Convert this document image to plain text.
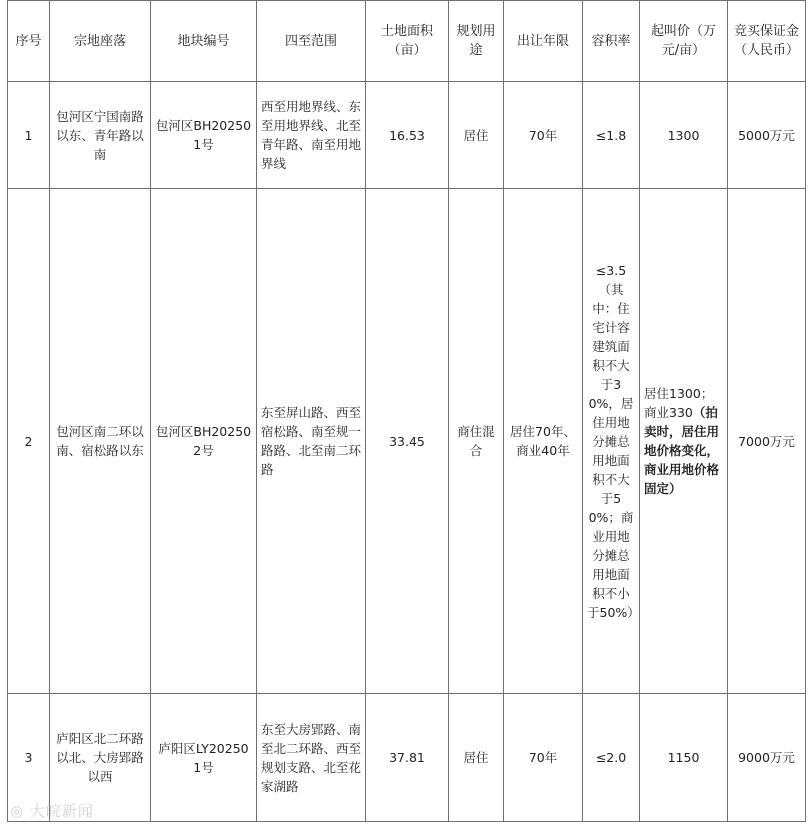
序号	宗地座落	地块编号	四至范围	土地面积（亩）	规划用途	出让年限	容积率	起叫价（万元/亩）	竞买保证金（人民币）
1	包河区宁国南路以东、青年路以南	包河区BH202501号	西至用地界线、东至用地界线、北至青年路、南至用地界线	16.53	居住	70年	≤1.8	1300	5000万元
2	包河区南二环以南、宿松路以东	包河区BH202502号	东至屏山路、西至宿松路、南至规一路路、北至南二环路	33.45	商住混合	居住70年、商业40年	≤3.5（其中：住宅计容建筑面积不大于30%，居住用地分摊总用地面积不大于50%；商业用地分摊总用地面积不小于50%）	居住1300；商业330（拍卖时，居住用地价格变化，商业用地价格固定）	7000万元
3	庐阳区北二环路以北、大房郢路以西	庐阳区LY202501号	东至大房郢路、南至北二环路、西至规划支路、北至花家湖路	37.81	居住	70年	≤2.0	1150	9000万元
◎ 大皖新闻
